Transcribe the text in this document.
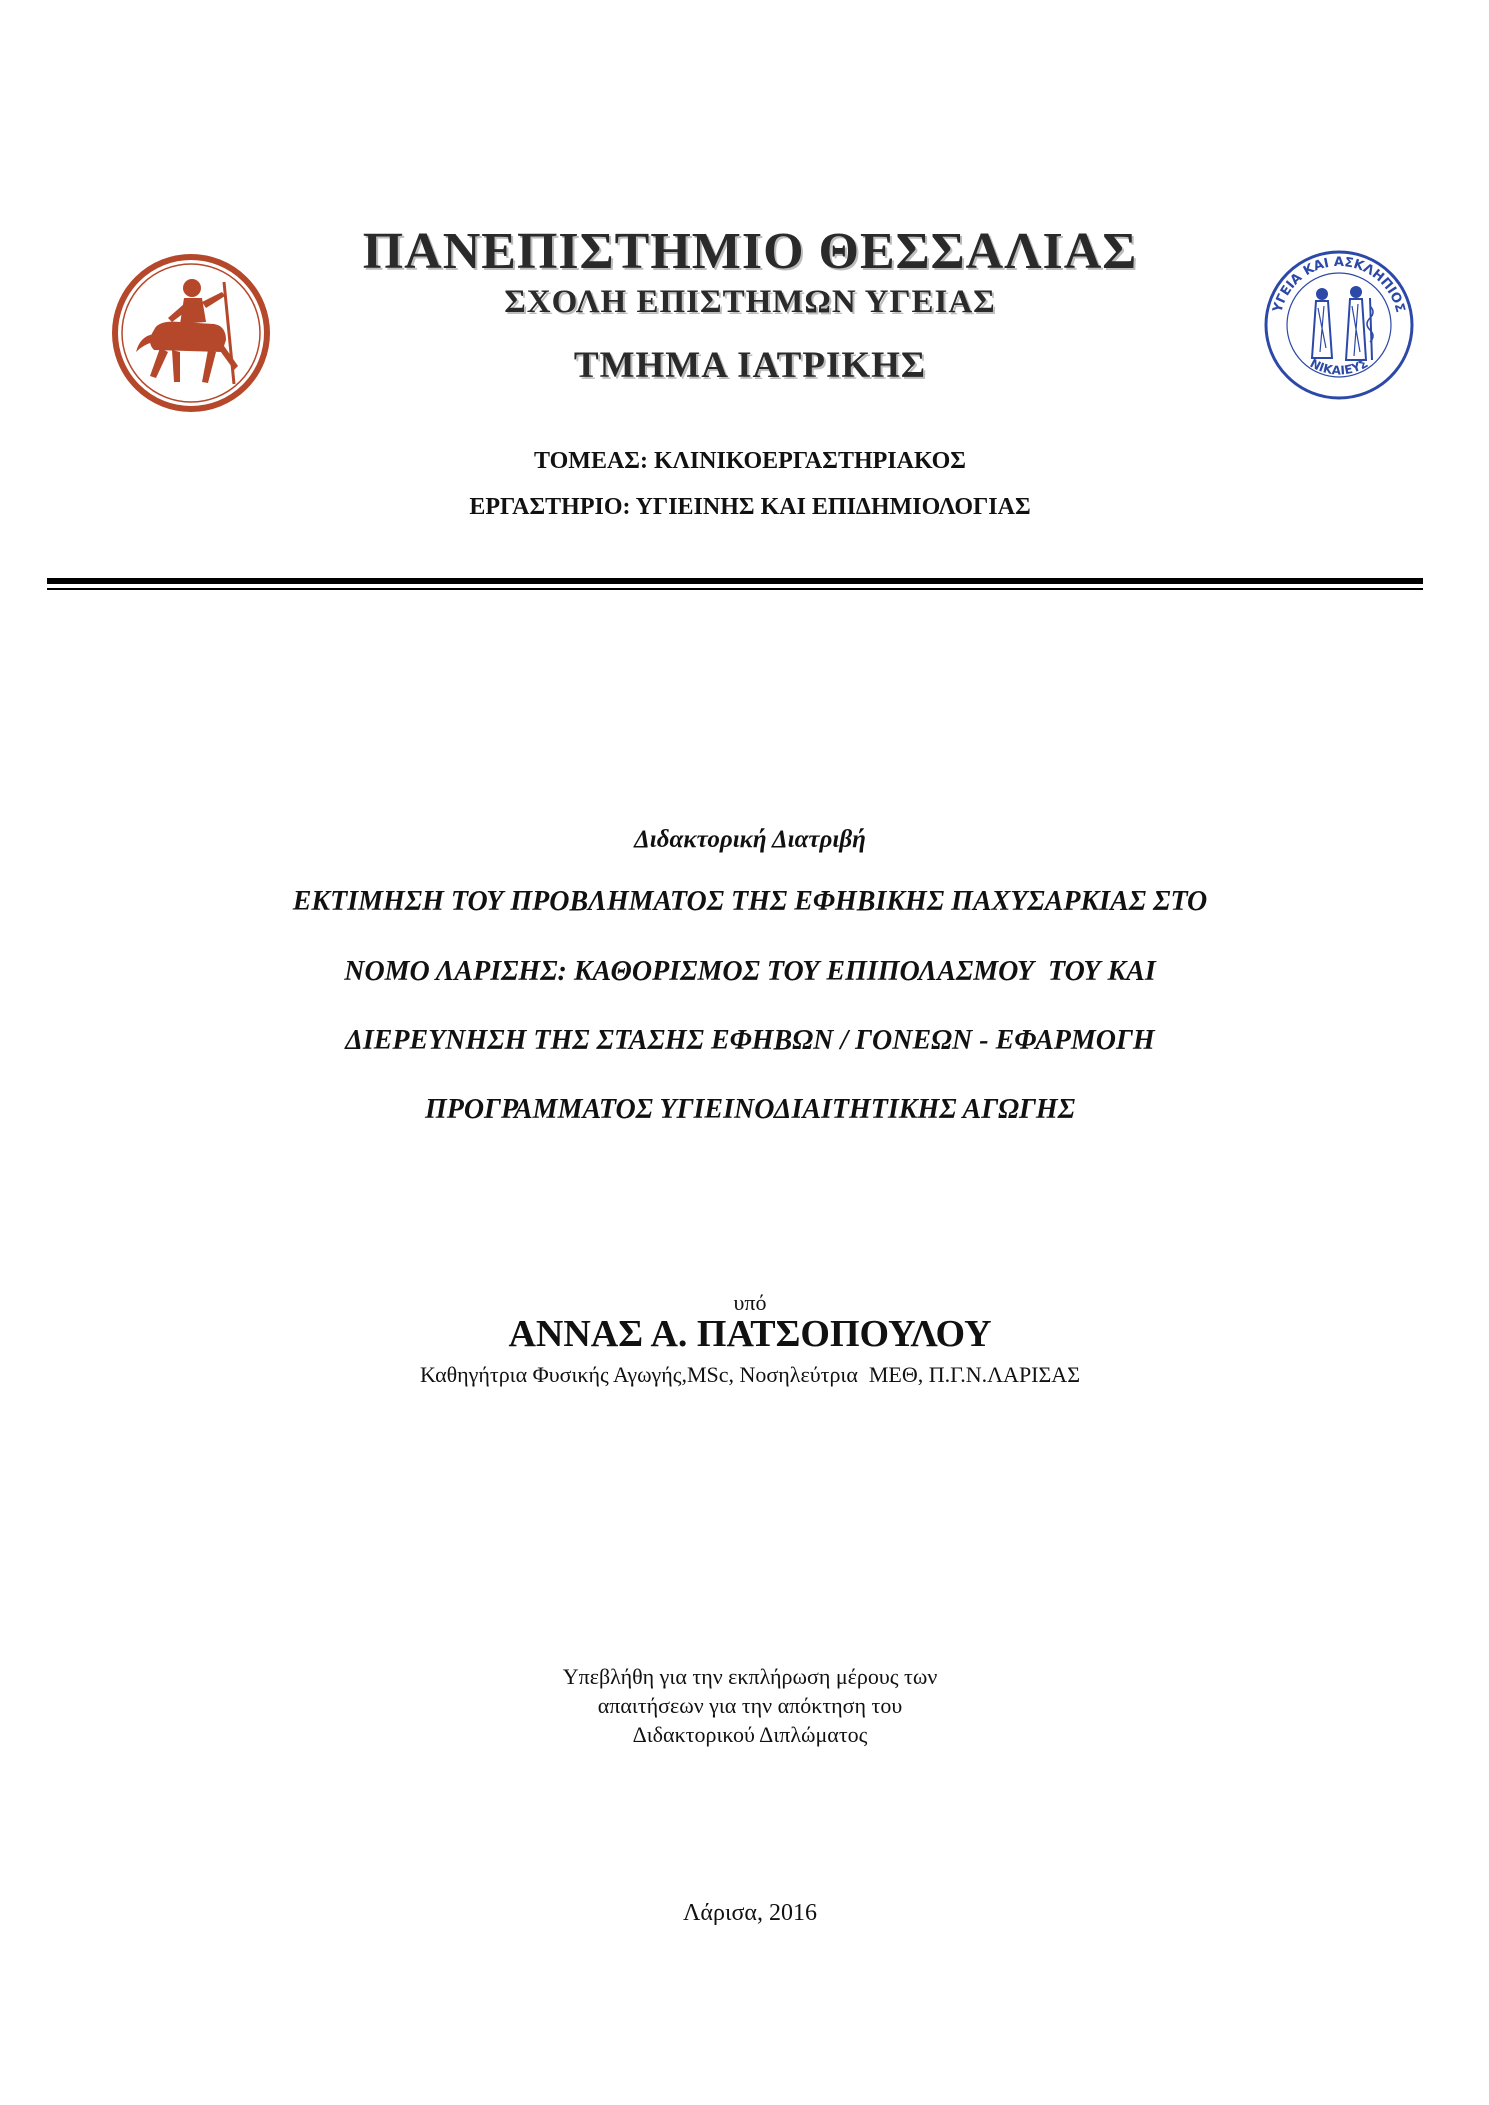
ΥΓΕΙΑ ΚΑΙ ΑΣΚΛΗΠΙΟΣ
ΝΙΚΑΙΕΥΣ
ΠΑΝΕΠΙΣΤΗΜΙΟ ΘΕΣΣΑΛΙΑΣ
ΣΧΟΛΗ ΕΠΙΣΤΗΜΩΝ ΥΓΕΙΑΣ
ΤΜΗΜΑ ΙΑΤΡΙΚΗΣ
ΤΟΜΕΑΣ: ΚΛΙΝΙΚΟΕΡΓΑΣΤΗΡΙΑΚΟΣ
ΕΡΓΑΣΤΗΡΙΟ: ΥΓΙΕΙΝΗΣ ΚΑΙ ΕΠΙΔΗΜΙΟΛΟΓΙΑΣ
Διδακτορική Διατριβή
ΕΚΤΙΜΗΣΗ ΤΟΥ ΠΡΟΒΛΗΜΑΤΟΣ ΤΗΣ ΕΦΗΒΙΚΗΣ ΠΑΧΥΣΑΡΚΙΑΣ ΣΤΟ
ΝΟΜΟ ΛΑΡΙΣΗΣ: ΚΑΘΟΡΙΣΜΟΣ ΤΟΥ ΕΠΙΠΟΛΑΣΜΟΥ  ΤΟΥ ΚΑΙ
ΔΙΕΡΕΥΝΗΣΗ ΤΗΣ ΣΤΑΣΗΣ ΕΦΗΒΩΝ / ΓΟΝΕΩΝ - ΕΦΑΡΜΟΓΗ
ΠΡΟΓΡΑΜΜΑΤΟΣ ΥΓΙΕΙΝΟΔΙΑΙΤΗΤΙΚΗΣ ΑΓΩΓΗΣ
υπό
ΑΝΝΑΣ Α. ΠΑΤΣΟΠΟΥΛΟΥ
Καθηγήτρια Φυσικής Αγωγής,MSc, Νοσηλεύτρια  ΜΕΘ, Π.Γ.Ν.ΛΑΡΙΣΑΣ
Υπεβλήθη για την εκπλήρωση μέρους των
απαιτήσεων για την απόκτηση του
Διδακτορικού Διπλώματος
Λάρισα, 2016
